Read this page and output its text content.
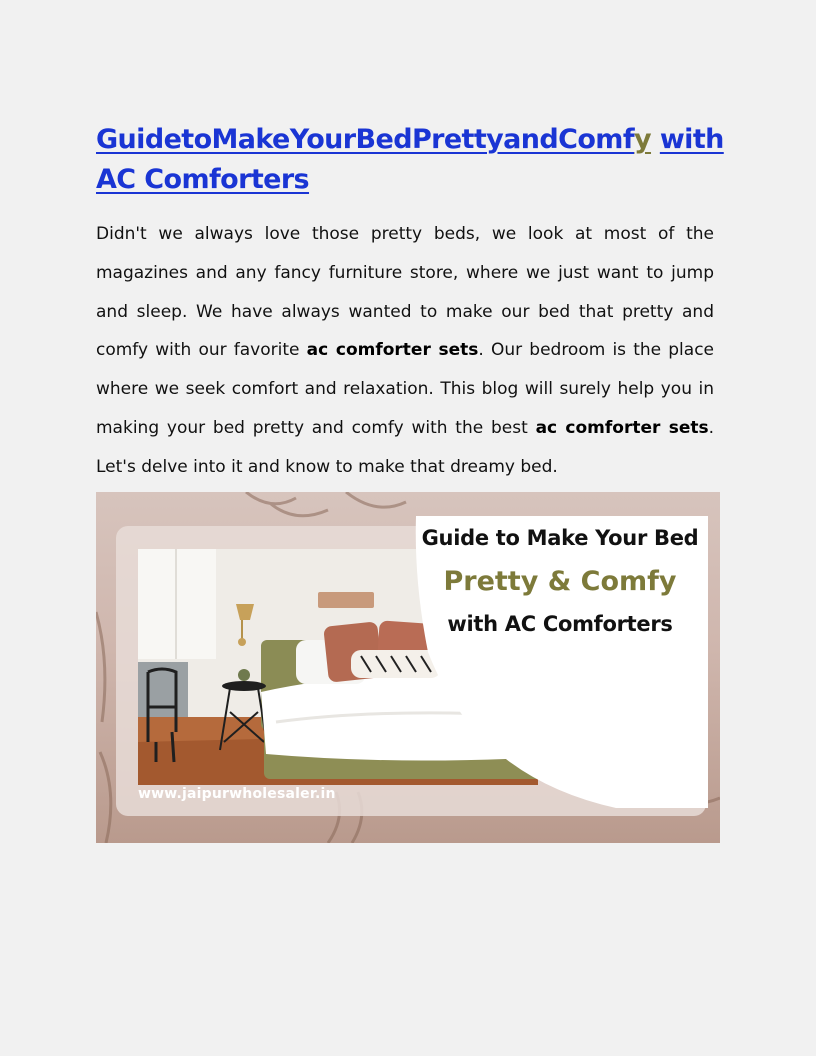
GuidetoMakeYourBedPrettyandComfy with
AC Comforters

Didn't we always love those pretty beds, we look at most of the magazines and any fancy furniture store, where we just want to jump and sleep. We have always wanted to make our bed that pretty and comfy with our favorite ac comforter sets. Our bedroom is the place where we seek comfort and relaxation. This blog will surely help you in making your bed pretty and comfy with the best ac comforter sets. Let's delve into it and know to make that dreamy bed.

Guide to Make Your Bed
Pretty & Comfy
with AC Comforters
www.jaipurwholesaler.in
